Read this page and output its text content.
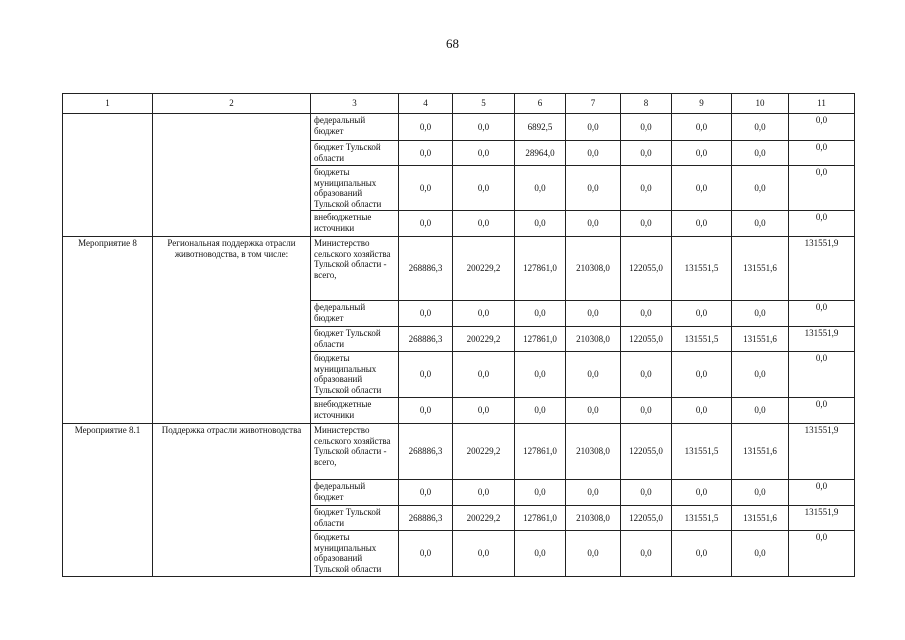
68
1	2	3	4	5	6	7	8	9	10	11
		федеральный бюджет	0,0	0,0	6892,5	0,0	0,0	0,0	0,0	0,0
		бюджет Тульской области	0,0	0,0	28964,0	0,0	0,0	0,0	0,0	0,0
		бюджеты муниципальных образований Тульской области	0,0	0,0	0,0	0,0	0,0	0,0	0,0	0,0
		внебюджетные источники	0,0	0,0	0,0	0,0	0,0	0,0	0,0	0,0
Мероприятие 8	Региональная поддержка отрасли животноводства, в том числе:	Министерство сельского хозяйства Тульской области - всего,	268886,3	200229,2	127861,0	210308,0	122055,0	131551,5	131551,6	131551,9
		федеральный бюджет	0,0	0,0	0,0	0,0	0,0	0,0	0,0	0,0
		бюджет Тульской области	268886,3	200229,2	127861,0	210308,0	122055,0	131551,5	131551,6	131551,9
		бюджеты муниципальных образований Тульской области	0,0	0,0	0,0	0,0	0,0	0,0	0,0	0,0
		внебюджетные источники	0,0	0,0	0,0	0,0	0,0	0,0	0,0	0,0
Мероприятие 8.1	Поддержка отрасли животноводства	Министерство сельского хозяйства Тульской области - всего,	268886,3	200229,2	127861,0	210308,0	122055,0	131551,5	131551,6	131551,9
		федеральный бюджет	0,0	0,0	0,0	0,0	0,0	0,0	0,0	0,0
		бюджет Тульской области	268886,3	200229,2	127861,0	210308,0	122055,0	131551,5	131551,6	131551,9
		бюджеты муниципальных образований Тульской области	0,0	0,0	0,0	0,0	0,0	0,0	0,0	0,0
